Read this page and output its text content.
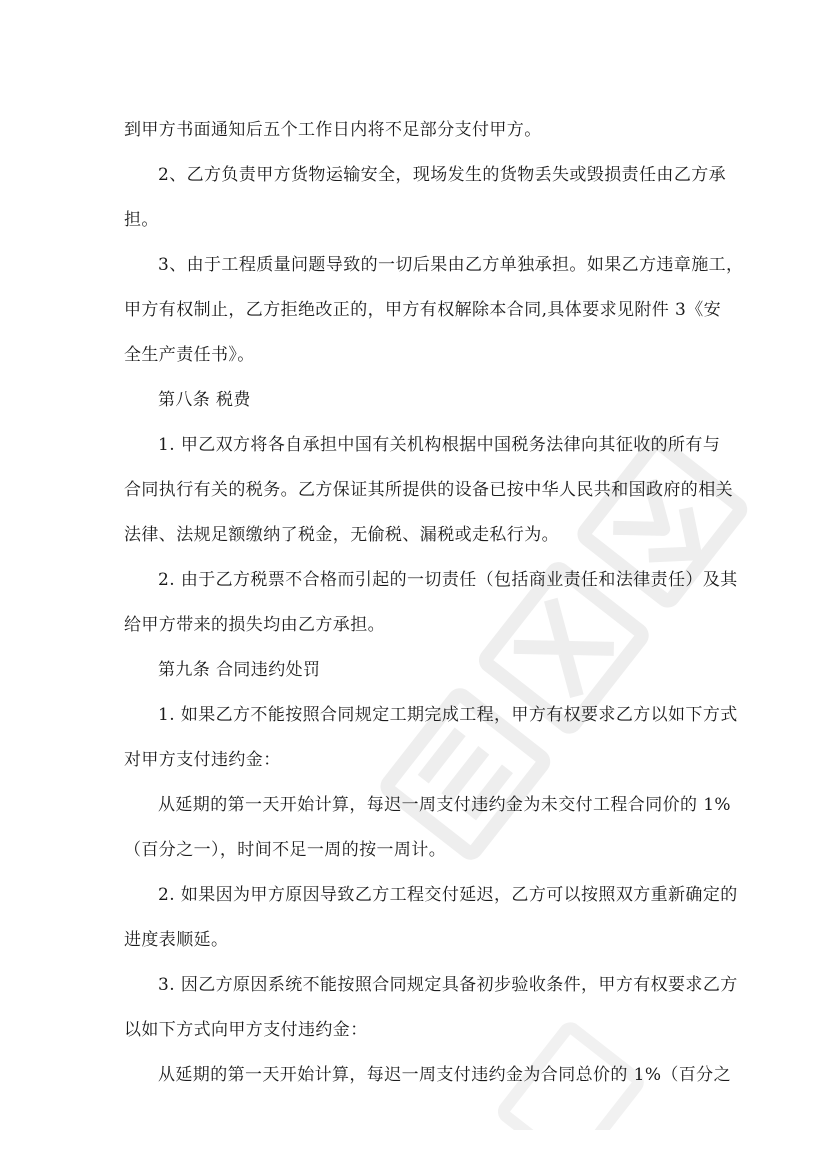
到甲方书面通知后五个工作日内将不足部分支付甲方。
2、乙方负责甲方货物运输安全，现场发生的货物丢失或毁损责任由乙方承
担。
3、由于工程质量问题导致的一切后果由乙方单独承担。如果乙方违章施工，
甲方有权制止，乙方拒绝改正的，甲方有权解除本合同,具体要求见附件 3《安
全生产责任书》。
第八条 税费
1. 甲乙双方将各自承担中国有关机构根据中国税务法律向其征收的所有与
合同执行有关的税务。乙方保证其所提供的设备已按中华人民共和国政府的相关
法律、法规足额缴纳了税金，无偷税、漏税或走私行为。
2. 由于乙方税票不合格而引起的一切责任（包括商业责任和法律责任）及其
给甲方带来的损失均由乙方承担。
第九条 合同违约处罚
1. 如果乙方不能按照合同规定工期完成工程，甲方有权要求乙方以如下方式
对甲方支付违约金：
从延期的第一天开始计算，每迟一周支付违约金为未交付工程合同价的 1%
（百分之一），时间不足一周的按一周计。
2. 如果因为甲方原因导致乙方工程交付延迟，乙方可以按照双方重新确定的
进度表顺延。
3. 因乙方原因系统不能按照合同规定具备初步验收条件，甲方有权要求乙方
以如下方式向甲方支付违约金：
从延期的第一天开始计算，每迟一周支付违约金为合同总价的 1%（百分之
